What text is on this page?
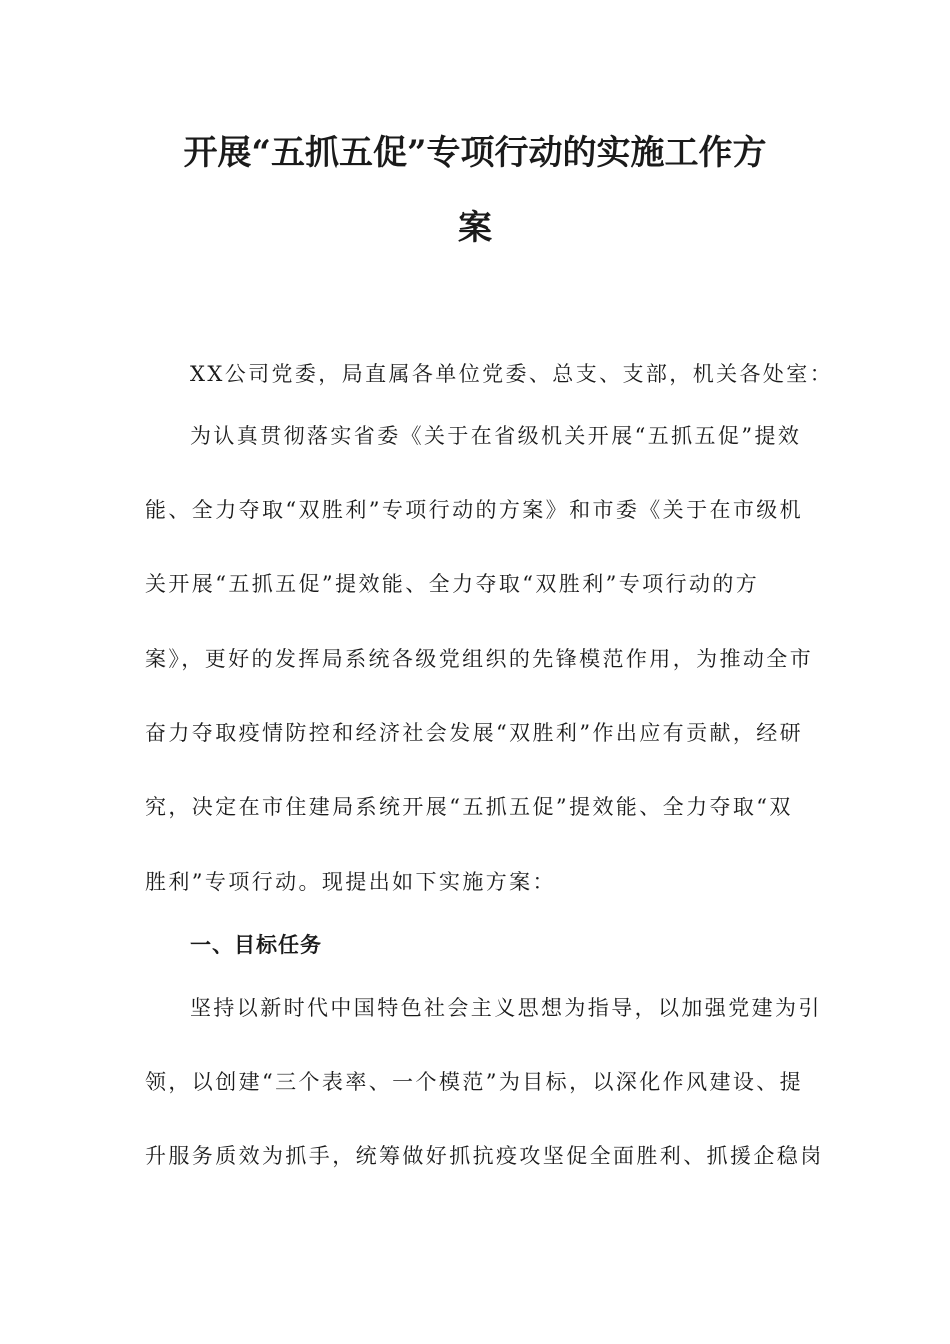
开展“五抓五促”专项行动的实施工作方
案

XX公司党委，局直属各单位党委、总支、支部，机关各处室：

为认真贯彻落实省委《关于在省级机关开展“五抓五促”提效

能、全力夺取“双胜利”专项行动的方案》和市委《关于在市级机

关开展“五抓五促”提效能、全力夺取“双胜利”专项行动的方

案》，更好的发挥局系统各级党组织的先锋模范作用，为推动全市

奋力夺取疫情防控和经济社会发展“双胜利”作出应有贡献，经研

究，决定在市住建局系统开展“五抓五促”提效能、全力夺取“双

胜利”专项行动。现提出如下实施方案：

一、目标任务

坚持以新时代中国特色社会主义思想为指导，以加强党建为引

领，以创建“三个表率、一个模范”为目标，以深化作风建设、提

升服务质效为抓手，统筹做好抓抗疫攻坚促全面胜利、抓援企稳岗
